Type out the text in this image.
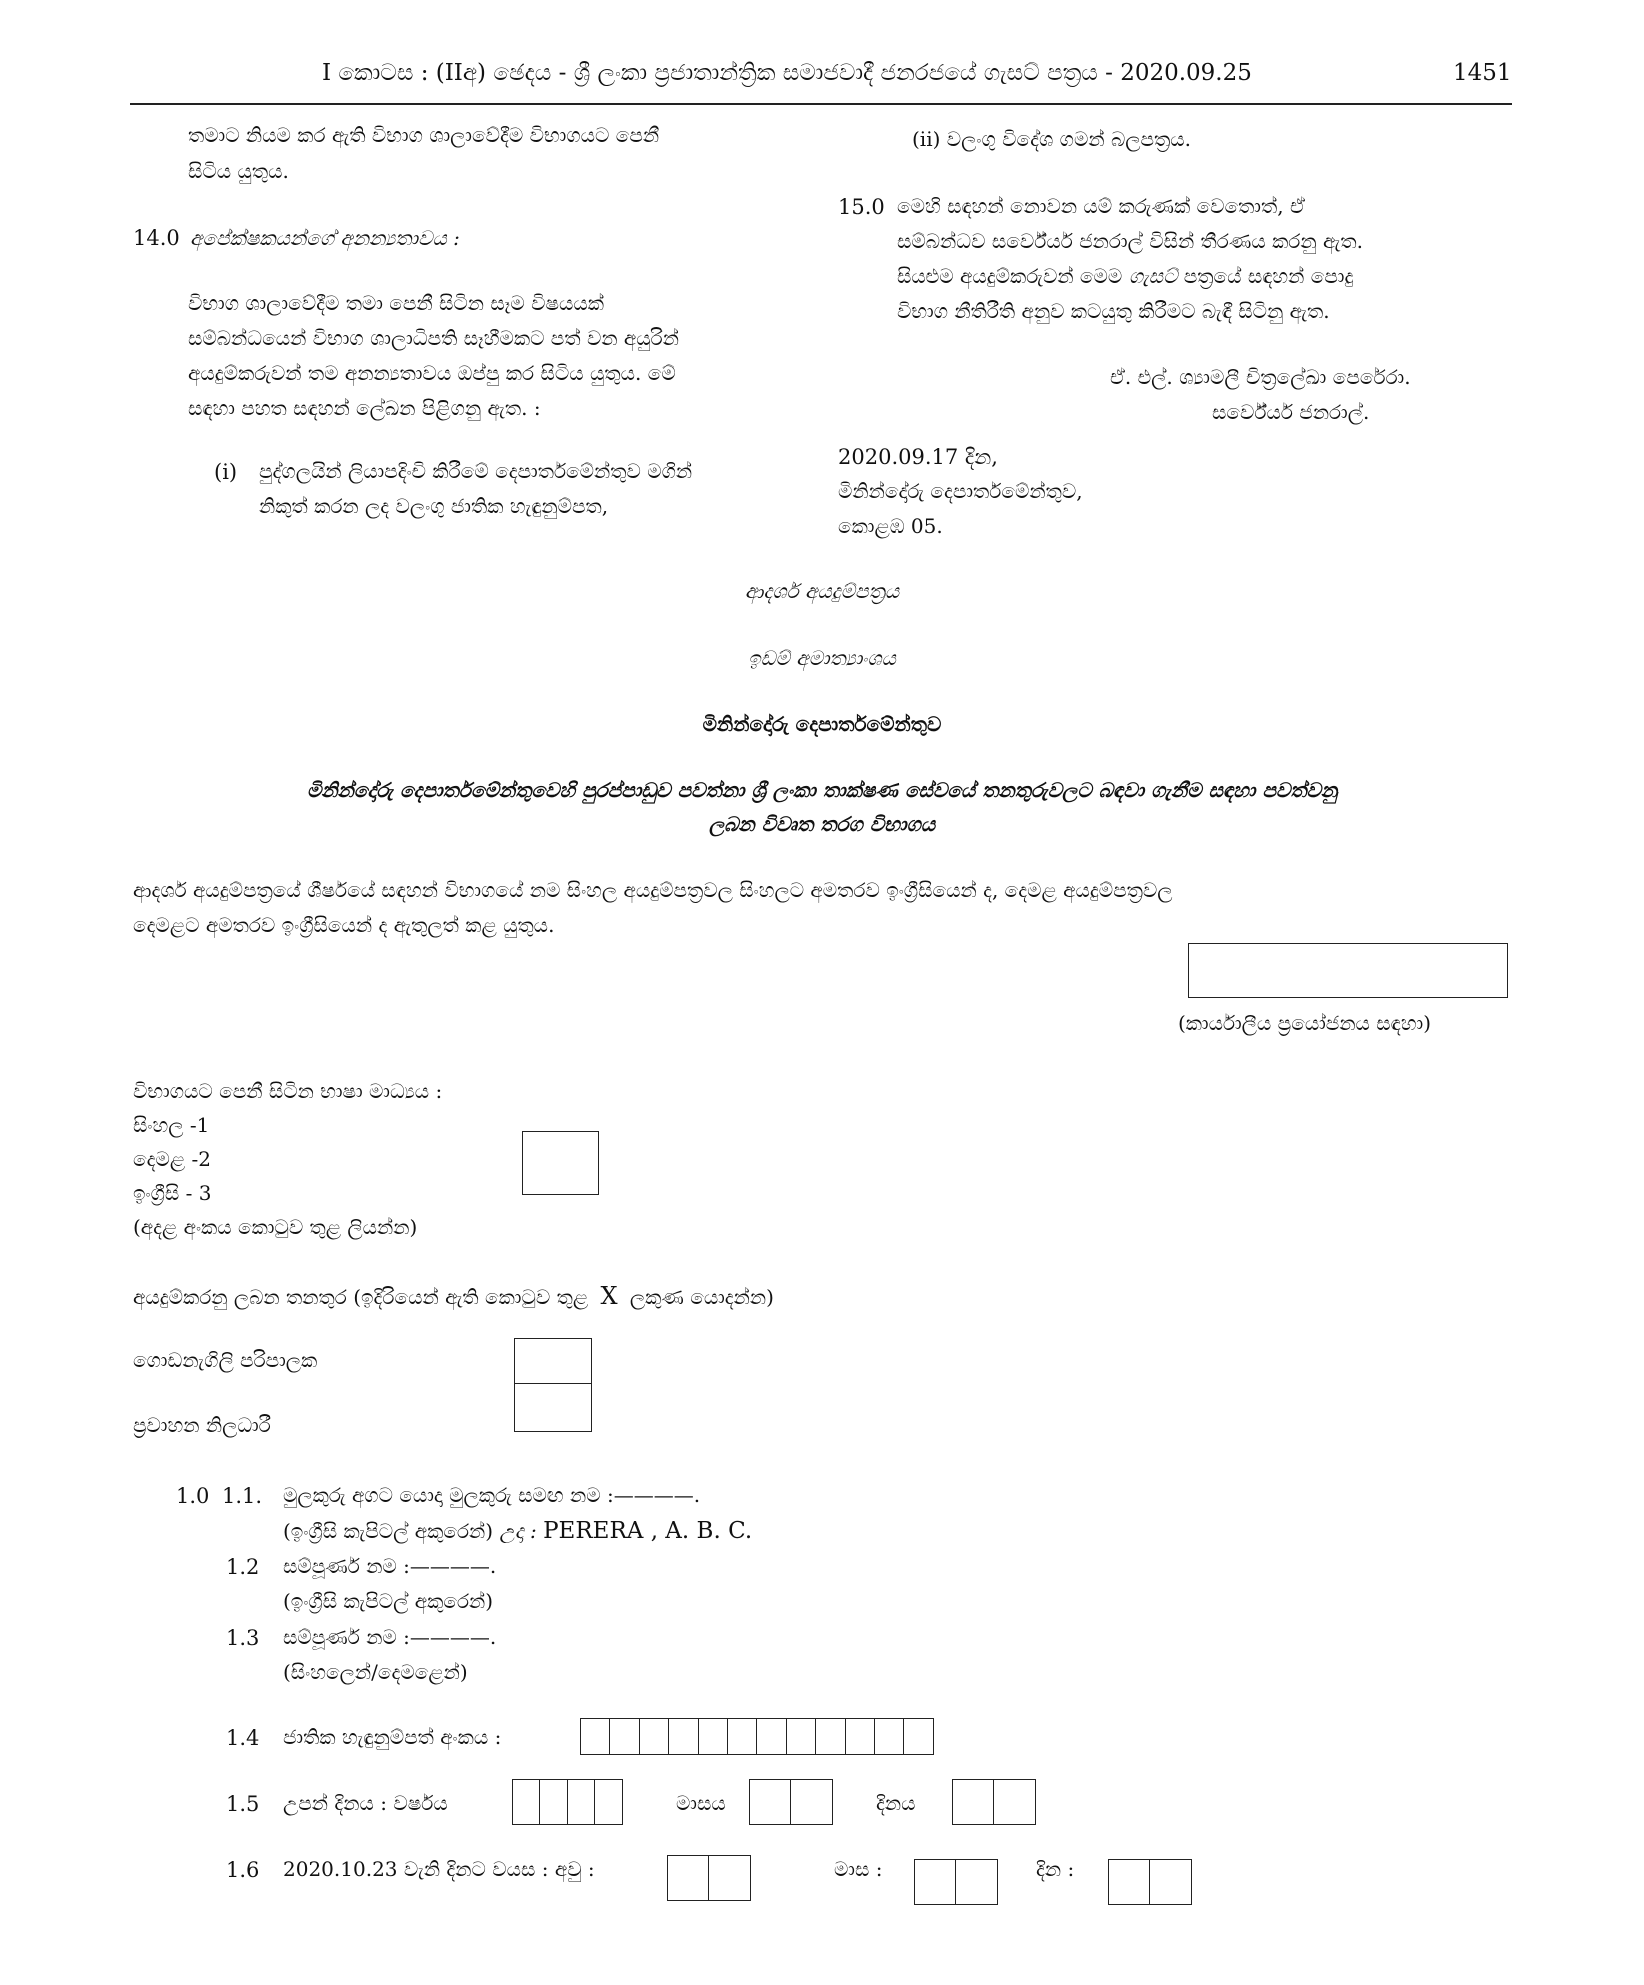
I කොටස : (IIඅ) ඡෙදය - ශ්‍රී ලංකා ප්‍රජාතාන්ත්‍රික සමාජවාදී ජනරජයේ ගැසට් පත්‍රය - 2020.09.25	1451
තමාට නියම කර ඇති විභාග ශාලාවේදීම විභාගයට පෙනී
සිටිය යුතුය.
14.0 අපේක්ෂකයන්ගේ අනන්‍යතාවය :
විභාග ශාලාවේදීම තමා පෙනී සිටින සෑම විෂයයක්
සම්බන්ධයෙන් විභාග ශාලාධිපති සෑහීමකට පත් වන අයුරින්
අයදුම්කරුවන් තම අනන්‍යතාවය ඔප්පු කර සිටිය යුතුය. මේ
සඳහා පහත සඳහන් ලේඛන පිළිගනු ඇත. :
(i) පුද්ගලයින් ලියාපදිංචි කිරීමේ දෙපාර්තමේන්තුව මගින්
නිකුත් කරන ලද වලංගු ජාතික හැඳුනුම්පත,
(ii) වලංගු විදේශ ගමන් බලපත්‍රය.
15.0 මෙහි සඳහන් නොවන යම් කරුණක් වෙතොත්, ඒ
සම්බන්ධව සර්වේයර් ජනරාල් විසින් තීරණය කරනු ඇත.
සියළුම අයදුම්කරුවන් මෙම ගැසට් පත්‍රයේ සඳහන් පොදු
විභාග නීතිරීති අනුව කටයුතු කිරීමට බැඳී සිටිනු ඇත.
ඒ. එල්. ශ්‍යාමලී චිත්‍රලේඛා පෙරේරා.
සර්වේයර් ජනරාල්.
2020.09.17 දින,
මිනින්දෝරු දෙපාර්තමේන්තුව,
කොළඹ 05.
ආදර්ශ අයදුම්පත්‍රය
ඉඩම් අමාත්‍යාංශය
මිනින්දෝරු දෙපාර්තමේන්තුව
මිනින්දෝරු දෙපාර්තමේන්තුවෙහි පුරප්පාඩුව පවත්නා ශ්‍රී ලංකා තාක්ෂණ සේවයේ තනතුරුවලට බඳවා ගැනීම සඳහා පවත්වනු
ලබන විවෘත තරග විභාගය
ආදර්ශ අයදුම්පත්‍රයේ ශීර්ෂයේ සඳහන් විභාගයේ නම සිංහල අයදුම්පත්‍රවල සිංහලට අමතරව ඉංග්‍රීසියෙන් ද, දෙමළ අයදුම්පත්‍රවල
දෙමළට අමතරව ඉංග්‍රීසියෙන් ද ඇතුලත් කළ යුතුය.
(කාර්යාලීය ප්‍රයෝජනය සඳහා)
විභාගයට පෙනී සිටින භාෂා මාධ්‍යය :
සිංහල -1
දෙමළ -2
ඉංග්‍රීසි - 3
(අදළ අංකය කොටුව තුළ ලියන්න)
අයදුම්කරනු ලබන තනතුර (ඉදිරියෙන් ඇති කොටුව තුළ X ලකුණ යොදන්න)
ගොඩනැගිලි පරිපාලක
ප්‍රවාහන නිලධාරී
1.0 1.1. මුලකුරු අගට යොදා මුලකුරු සමඟ නම :————.
(ඉංග්‍රීසි කැපිටල් අකුරෙන්) උදා : PERERA , A. B. C.
1.2 සම්පූර්ණ නම :————.
(ඉංග්‍රීසි කැපිටල් අකුරෙන්)
1.3 සම්පූර්ණ නම :————.
(සිංහලෙන්/දෙමළෙන්)
1.4 ජාතික හැඳුනුම්පත් අංකය :
1.5 උපන් දිනය : වර්ෂය	මාසය	දිනය
1.6 2020.10.23 වැනි දිනට වයස : අවු :	මාස :	දින :
